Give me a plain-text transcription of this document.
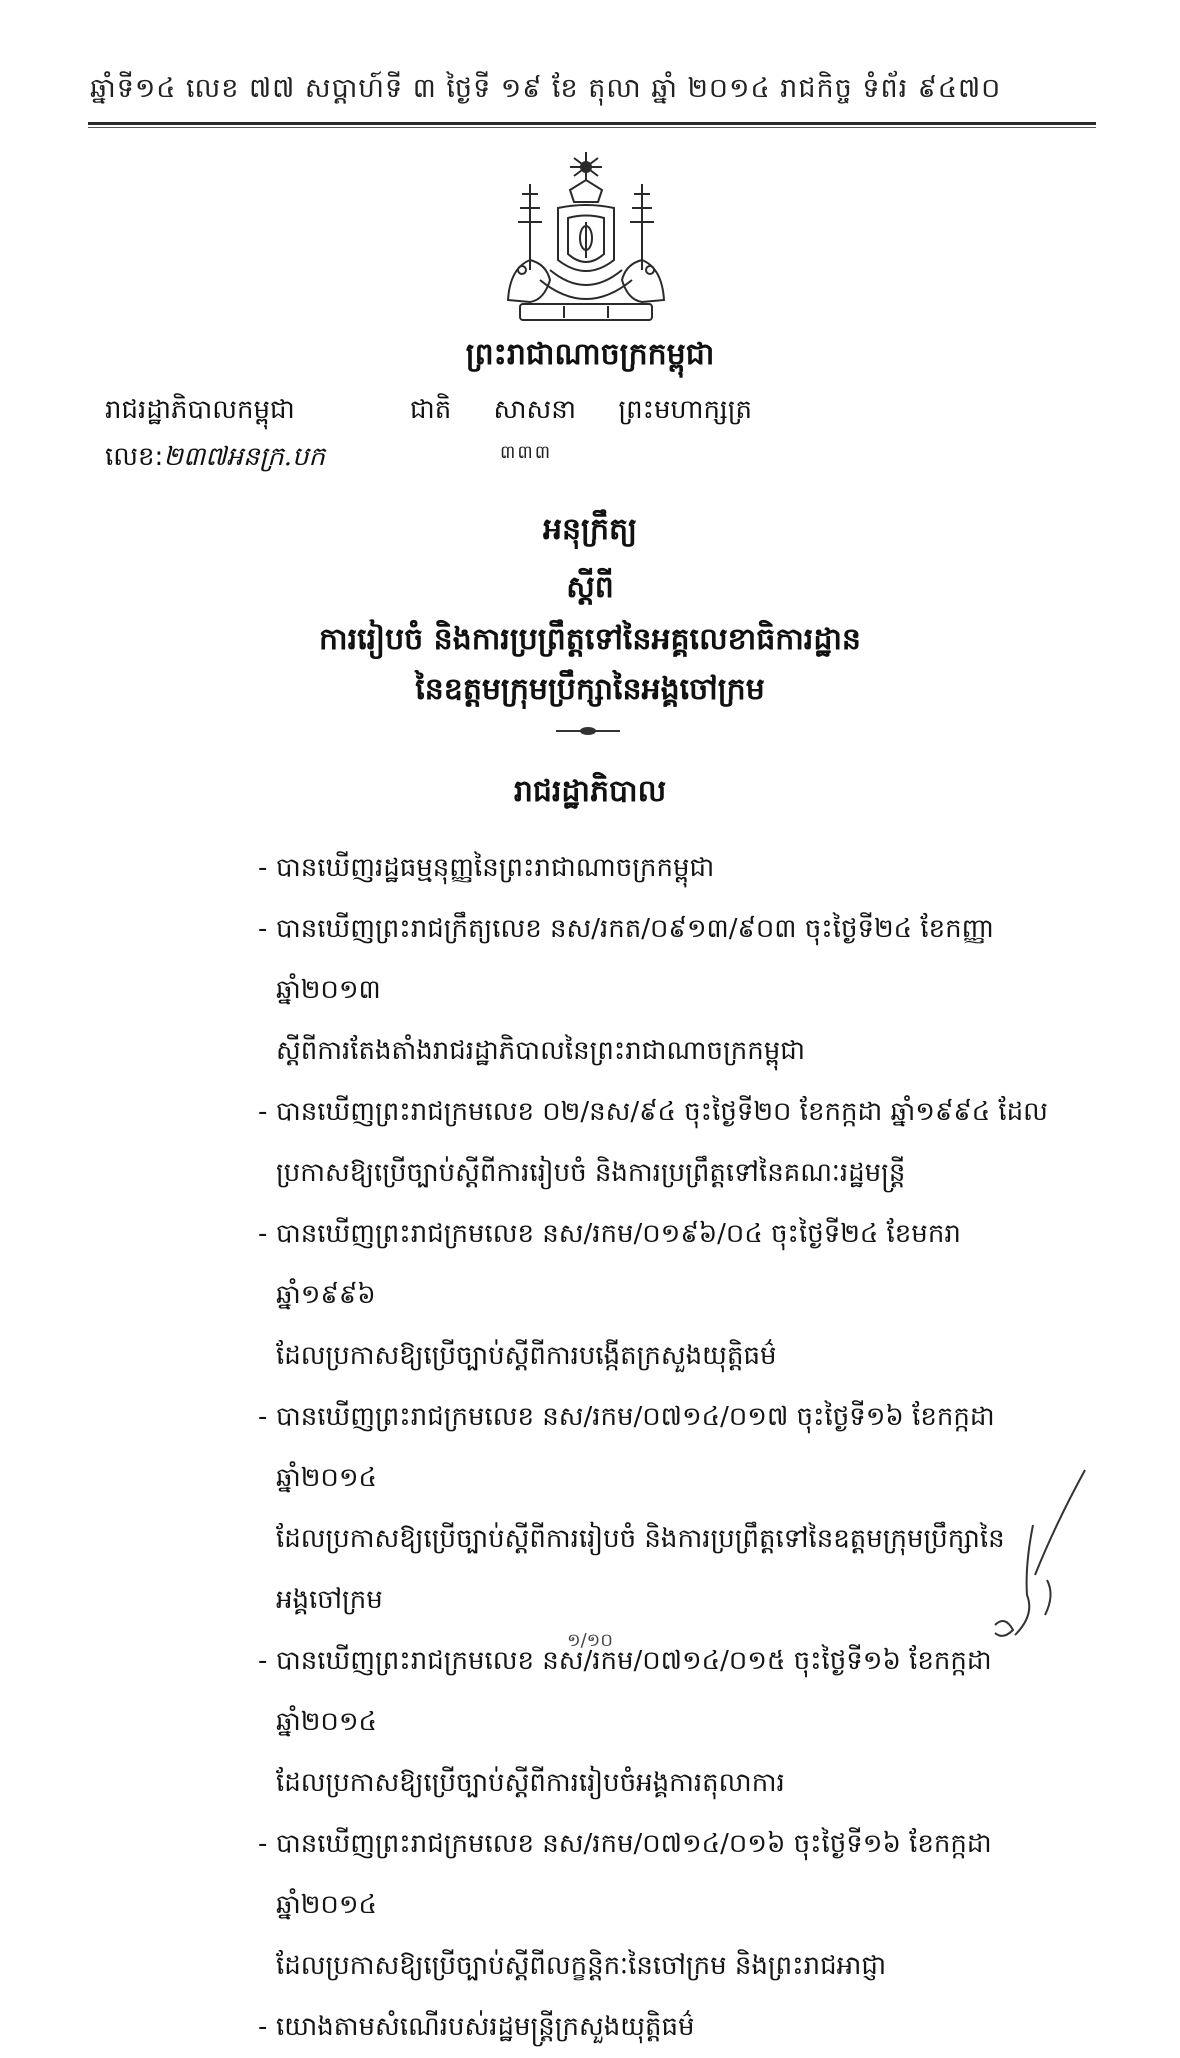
ឆ្នាំទី១៤ លេខ ៧៧ សប្តាហ៍ទី ៣ ថ្ងៃទី ១៩ ខែ តុលា ឆ្នាំ ២០១៤ រាជកិច្ច ទំព័រ ៩៤៧០
ព្រះរាជាណាចក្រកម្ពុជា
រាជរដ្ឋាភិបាលកម្ពុជា	ជាតិ សាសនា ព្រះមហាក្សត្រ
លេខ:២៣៧អនក្រ.បក	៣៣៣
អនុក្រឹត្យ
ស្ដីពី
ការរៀបចំ និងការប្រព្រឹត្តទៅនៃអគ្គលេខាធិការដ្ឋាន
នៃឧត្តមក្រុមប្រឹក្សានៃអង្គចៅក្រម
រាជរដ្ឋាភិបាល
- បានឃើញរដ្ឋធម្មនុញ្ញនៃព្រះរាជាណាចក្រកម្ពុជា
- បានឃើញព្រះរាជក្រឹត្យលេខ នស/រកត/០៩១៣/៩០៣ ចុះថ្ងៃទី២៤ ខែកញ្ញា ឆ្នាំ២០១៣
ស្តីពីការតែងតាំងរាជរដ្ឋាភិបាលនៃព្រះរាជាណាចក្រកម្ពុជា
- បានឃើញព្រះរាជក្រមលេខ ០២/នស/៩៤ ចុះថ្ងៃទី២០ ខែកក្កដា ឆ្នាំ១៩៩៤ ដែល
ប្រកាសឱ្យប្រើច្បាប់ស្តីពីការរៀបចំ និងការប្រព្រឹត្តទៅនៃគណៈរដ្ឋមន្ត្រី
- បានឃើញព្រះរាជក្រមលេខ នស/រកម/០១៩៦/០៤ ចុះថ្ងៃទី២៤ ខែមករា ឆ្នាំ១៩៩៦
ដែលប្រកាសឱ្យប្រើច្បាប់ស្តីពីការបង្កើតក្រសួងយុត្តិធម៌
- បានឃើញព្រះរាជក្រមលេខ នស/រកម/០៧១៤/០១៧ ចុះថ្ងៃទី១៦ ខែកក្កដា ឆ្នាំ២០១៤
ដែលប្រកាសឱ្យប្រើច្បាប់ស្តីពីការរៀបចំ និងការប្រព្រឹត្តទៅនៃឧត្តមក្រុមប្រឹក្សានៃ
អង្គចៅក្រម
- បានឃើញព្រះរាជក្រមលេខ នស/រកម/០៧១៤/០១៥ ចុះថ្ងៃទី១៦ ខែកក្កដា ឆ្នាំ២០១៤
ដែលប្រកាសឱ្យប្រើច្បាប់ស្តីពីការរៀបចំអង្គការតុលាការ
- បានឃើញព្រះរាជក្រមលេខ នស/រកម/០៧១៤/០១៦ ចុះថ្ងៃទី១៦ ខែកក្កដា ឆ្នាំ២០១៤
ដែលប្រកាសឱ្យប្រើច្បាប់ស្តីពីលក្ខន្តិកៈនៃចៅក្រម និងព្រះរាជអាជ្ញា
- យោងតាមសំណើរបស់រដ្ឋមន្ត្រីក្រសួងយុត្តិធម៌
១/១០
